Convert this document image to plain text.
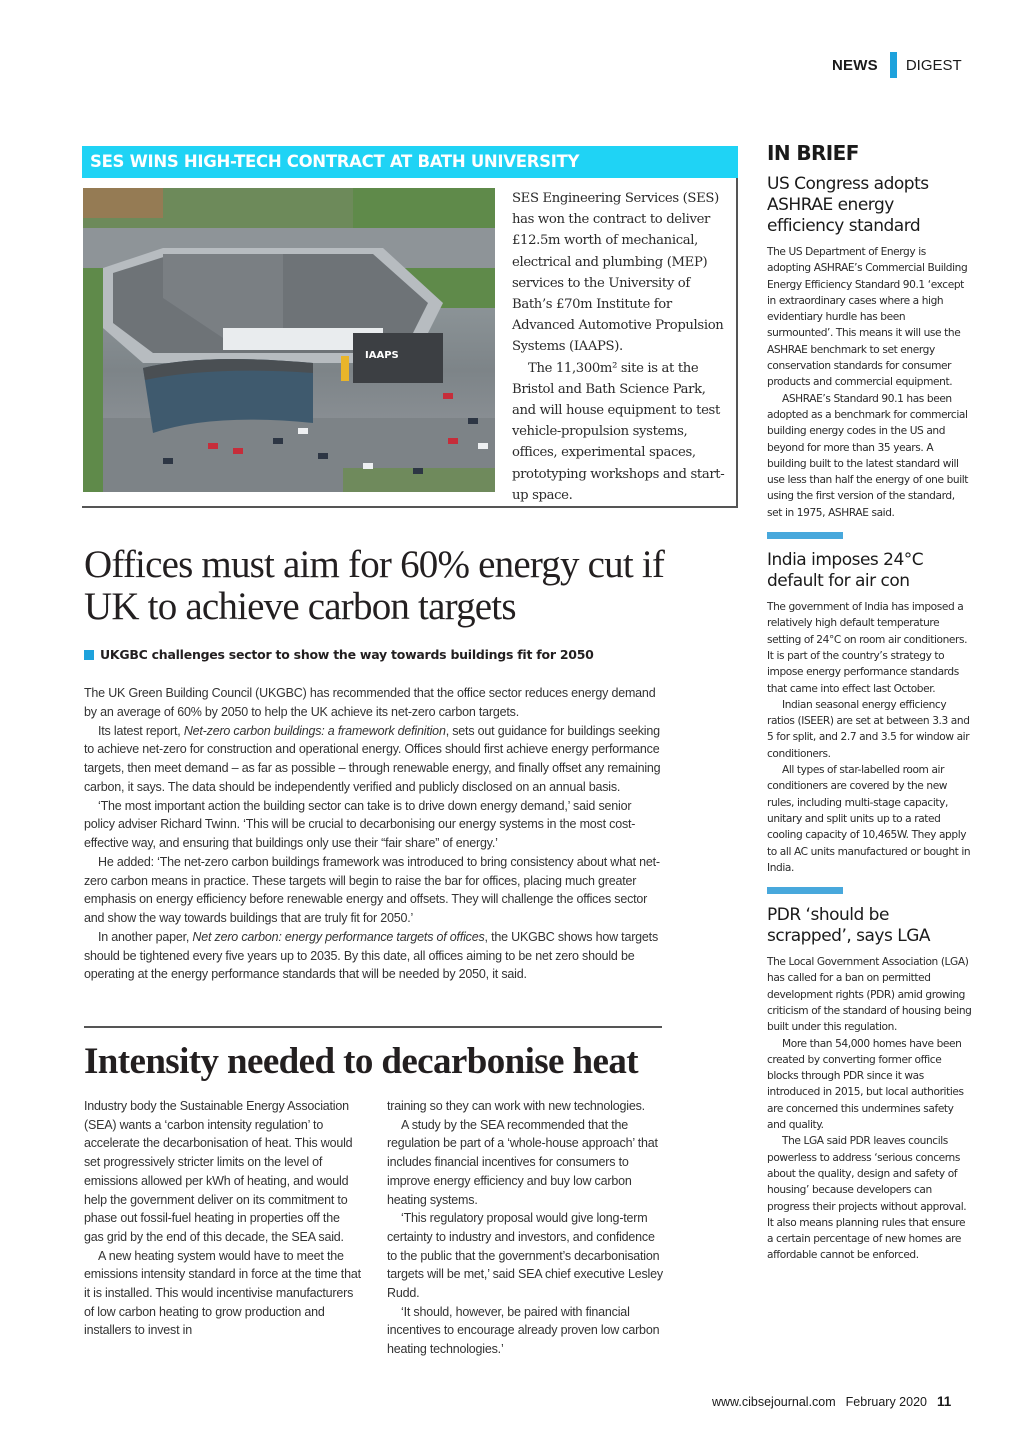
NEWS DIGEST
SES WINS HIGH-TECH CONTRACT AT BATH UNIVERSITY
IAAPS

SES Engineering Services (SES) has won the contract to deliver £12.5m worth of mechanical, electrical and plumbing (MEP) services to the University of Bath’s £70m Institute for Advanced Automotive Propulsion Systems (IAAPS).

The 11,300m² site is at the Bristol and Bath Science Park, and will house equipment to test vehicle-propulsion systems, offices, experimental spaces, prototyping workshops and start-up space.

Offices must aim for 60% energy cut if UK to achieve carbon targets
UKGBC challenges sector to show the way towards buildings fit for 2050

The UK Green Building Council (UKGBC) has recommended that the office sector reduces energy demand by an average of 60% by 2050 to help the UK achieve its net-zero carbon targets.

Its latest report, Net-zero carbon buildings: a framework definition, sets out guidance for buildings seeking to achieve net-zero for construction and operational energy. Offices should first achieve energy performance targets, then meet demand – as far as possible – through renewable energy, and finally offset any remaining carbon, it says. The data should be independently verified and publicly disclosed on an annual basis.

‘The most important action the building sector can take is to drive down energy demand,’ said senior policy adviser Richard Twinn. ‘This will be crucial to decarbonising our energy systems in the most cost-effective way, and ensuring that buildings only use their “fair share” of energy.’

He added: ‘The net-zero carbon buildings framework was introduced to bring consistency about what net-zero carbon means in practice. These targets will begin to raise the bar for offices, placing much greater emphasis on energy efficiency before renewable energy and offsets. They will challenge the offices sector and show the way towards buildings that are truly fit for 2050.’

In another paper, Net zero carbon: energy performance targets of offices, the UKGBC shows how targets should be tightened every five years up to 2035. By this date, all offices aiming to be net zero should be operating at the energy performance standards that will be needed by 2050, it said.

Intensity needed to decarbonise heat

Industry body the Sustainable Energy Association (SEA) wants a ‘carbon intensity regulation’ to accelerate the decarbonisation of heat. This would set progressively stricter limits on the level of emissions allowed per kWh of heating, and would help the government deliver on its commitment to phase out fossil-fuel heating in properties off the gas grid by the end of this decade, the SEA said.

A new heating system would have to meet the emissions intensity standard in force at the time that it is installed. This would incentivise manufacturers of low carbon heating to grow production and installers to invest in

training so they can work with new technologies.

A study by the SEA recommended that the regulation be part of a ‘whole-house approach’ that includes financial incentives for consumers to improve energy efficiency and buy low carbon heating systems.

‘This regulatory proposal would give long-term certainty to industry and investors, and confidence to the public that the government’s decarbonisation targets will be met,’ said SEA chief executive Lesley Rudd.

‘It should, however, be paired with financial incentives to encourage already proven low carbon heating technologies.’

IN BRIEF
US Congress adopts ASHRAE energy efficiency standard

The US Department of Energy is adopting ASHRAE’s Commercial Building Energy Efficiency Standard 90.1 ‘except in extraordinary cases where a high evidentiary hurdle has been surmounted’. This means it will use the ASHRAE benchmark to set energy conservation standards for consumer products and commercial equipment.

ASHRAE’s Standard 90.1 has been adopted as a benchmark for commercial building energy codes in the US and beyond for more than 35 years. A building built to the latest standard will use less than half the energy of one built using the first version of the standard, set in 1975, ASHRAE said.

India imposes 24°C default for air con

The government of India has imposed a relatively high default temperature setting of 24°C on room air conditioners. It is part of the country’s strategy to impose energy performance standards that came into effect last October.

Indian seasonal energy efficiency ratios (ISEER) are set at between 3.3 and 5 for split, and 2.7 and 3.5 for window air conditioners.

All types of star-labelled room air conditioners are covered by the new rules, including multi-stage capacity, unitary and split units up to a rated cooling capacity of 10,465W. They apply to all AC units manufactured or bought in India.

PDR ‘should be scrapped’, says LGA

The Local Government Association (LGA) has called for a ban on permitted development rights (PDR) amid growing criticism of the standard of housing being built under this regulation.

More than 54,000 homes have been created by converting former office blocks through PDR since it was introduced in 2015, but local authorities are concerned this undermines safety and quality.

The LGA said PDR leaves councils powerless to address ‘serious concerns about the quality, design and safety of housing’ because developers can progress their projects without approval. It also means planning rules that ensure a certain percentage of new homes are affordable cannot be enforced.

www.cibsejournal.com February 2020 11
